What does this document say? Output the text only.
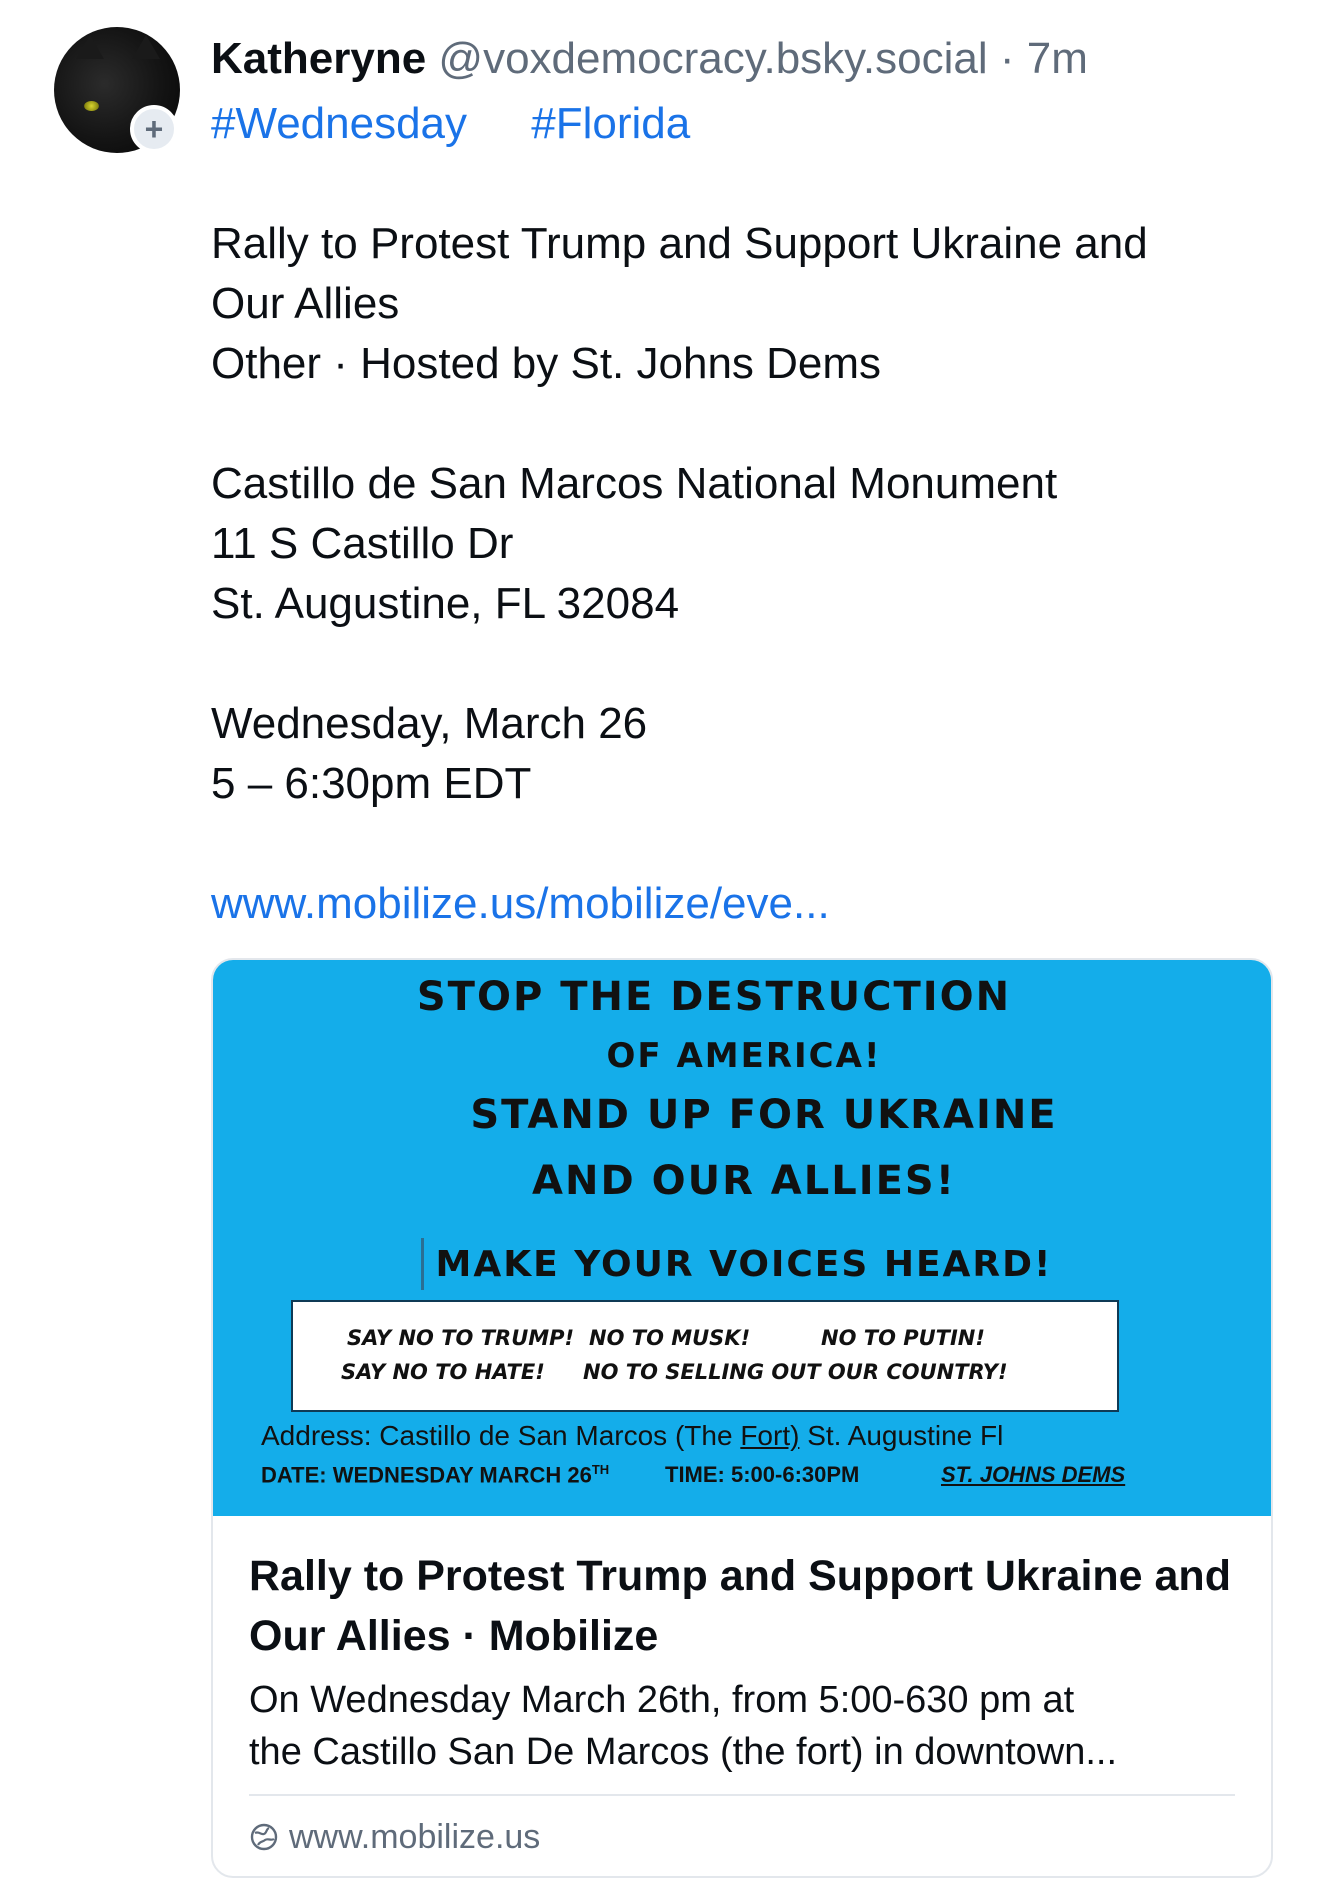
+
Katheryne @voxdemocracy.bsky.social · 7m
#Wednesday #Florida
Rally to Protest Trump and Support Ukraine and
Our Allies
Other · Hosted by St. Johns Dems
Castillo de San Marcos National Monument
11 S Castillo Dr
St. Augustine, FL 32084
Wednesday, March 26
5 – 6:30pm EDT
www.mobilize.us/mobilize/eve...
STOP THE DESTRUCTION
OF AMERICA!
STAND UP FOR UKRAINE
AND OUR ALLIES!
MAKE YOUR VOICES HEARD!
SAY NO TO TRUMP! NO TO MUSK!	NO TO PUTIN!
SAY NO TO HATE! NO TO SELLING OUT OUR COUNTRY!
Address: Castillo de San Marcos (The Fort) St. Augustine Fl
DATE: WEDNESDAY MARCH 26TH	TIME: 5:00-6:30PM	ST. JOHNS DEMS
Rally to Protest Trump and Support Ukraine and Our Allies · Mobilize
On Wednesday March 26th, from 5:00-630 pm at
the Castillo San De Marcos (the fort) in downtown...
www.mobilize.us
